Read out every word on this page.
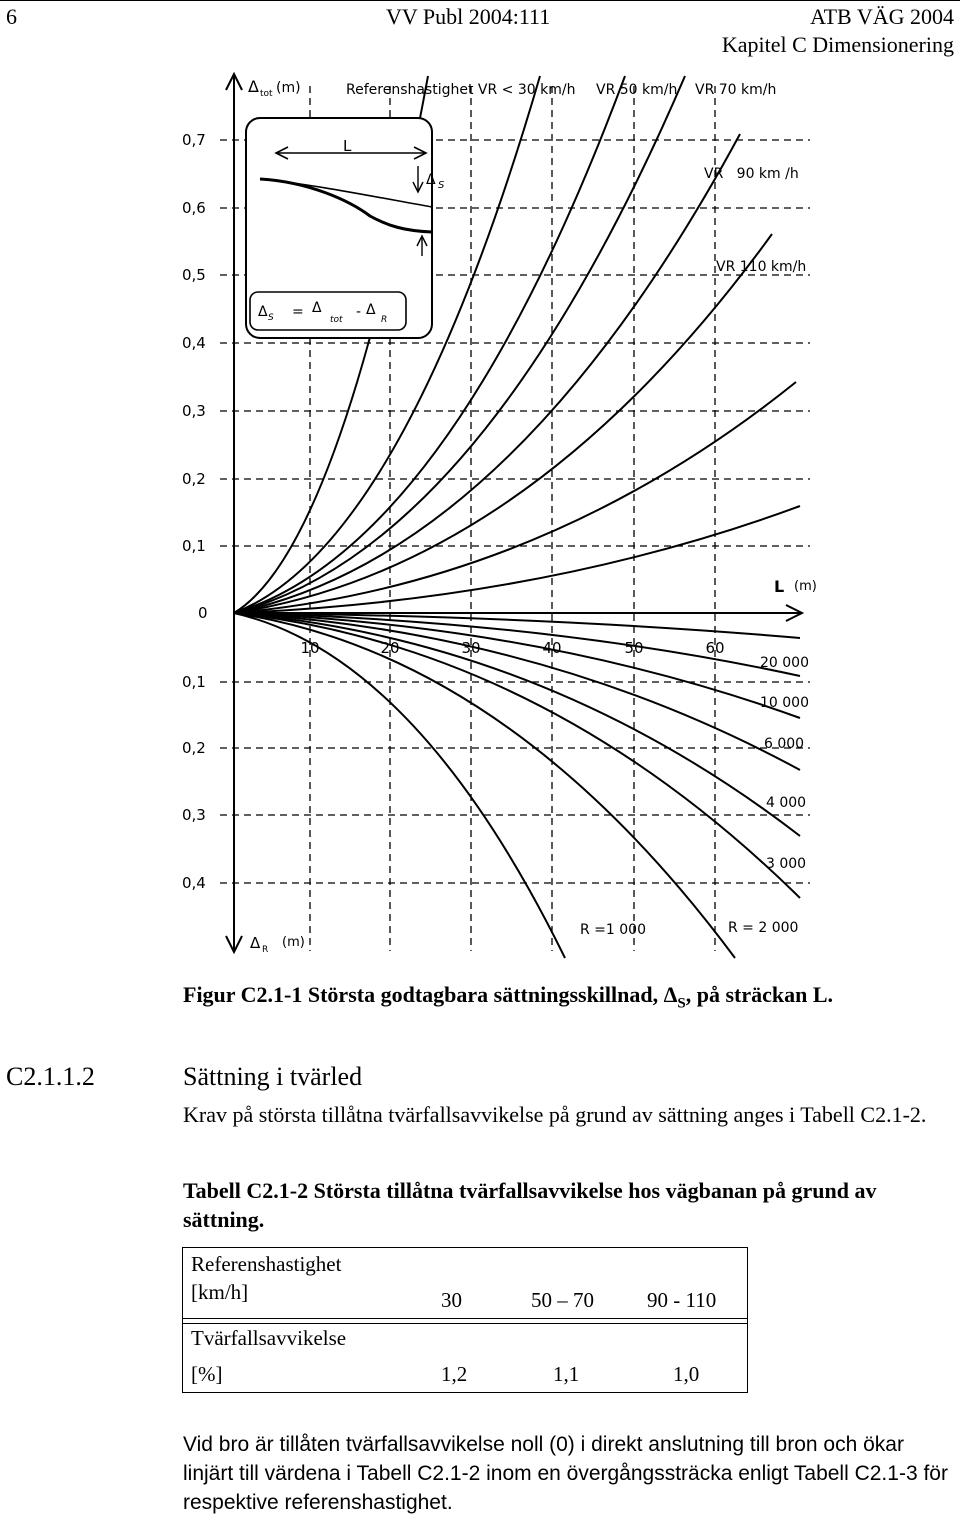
6	VV Publ 2004:111	ATB VÄG 2004
Kapitel C Dimensionering
0,7
0,6
0,5
0,4
0,3
0,2
0,1
0
0,1
0,2
0,3
0,4
10	20	30	40	50	60
Δ tot (m)
Δ R (m)
L (m)
Referenshastighet VR < 30 km/h VR 50 km/h VR 70 km/h
VR   90 km /h
VR 110 km/h
20 000
10 000
6 000
4 000
3 000
R =1 000	R = 2 000
L
Δ S
Δ S = Δ
tot - Δ
R
Figur C2.1-1 Största godtagbara sättningsskillnad, $\Delta_S$, på sträckan L.
C2.1.1.2	Sättning i tvärled
Krav på största tillåtna tvärfallsavvikelse på grund av sättning anges i Tabell C2.1-2.
Tabell C2.1-2 Största tillåtna tvärfallsavvikelse hos vägbanan på grund av sättning.
Referenshastighet
[km/h]	30	50 – 70	90 - 110
Tvärfallsavvikelse
[%]	1,2	1,1	1,0
Vid bro är tillåten tvärfallsavvikelse noll (0) i direkt anslutning till bron och ökar linjärt till värdena i Tabell C2.1-2 inom en övergångssträcka enligt Tabell C2.1-3 för respektive referenshastighet.
